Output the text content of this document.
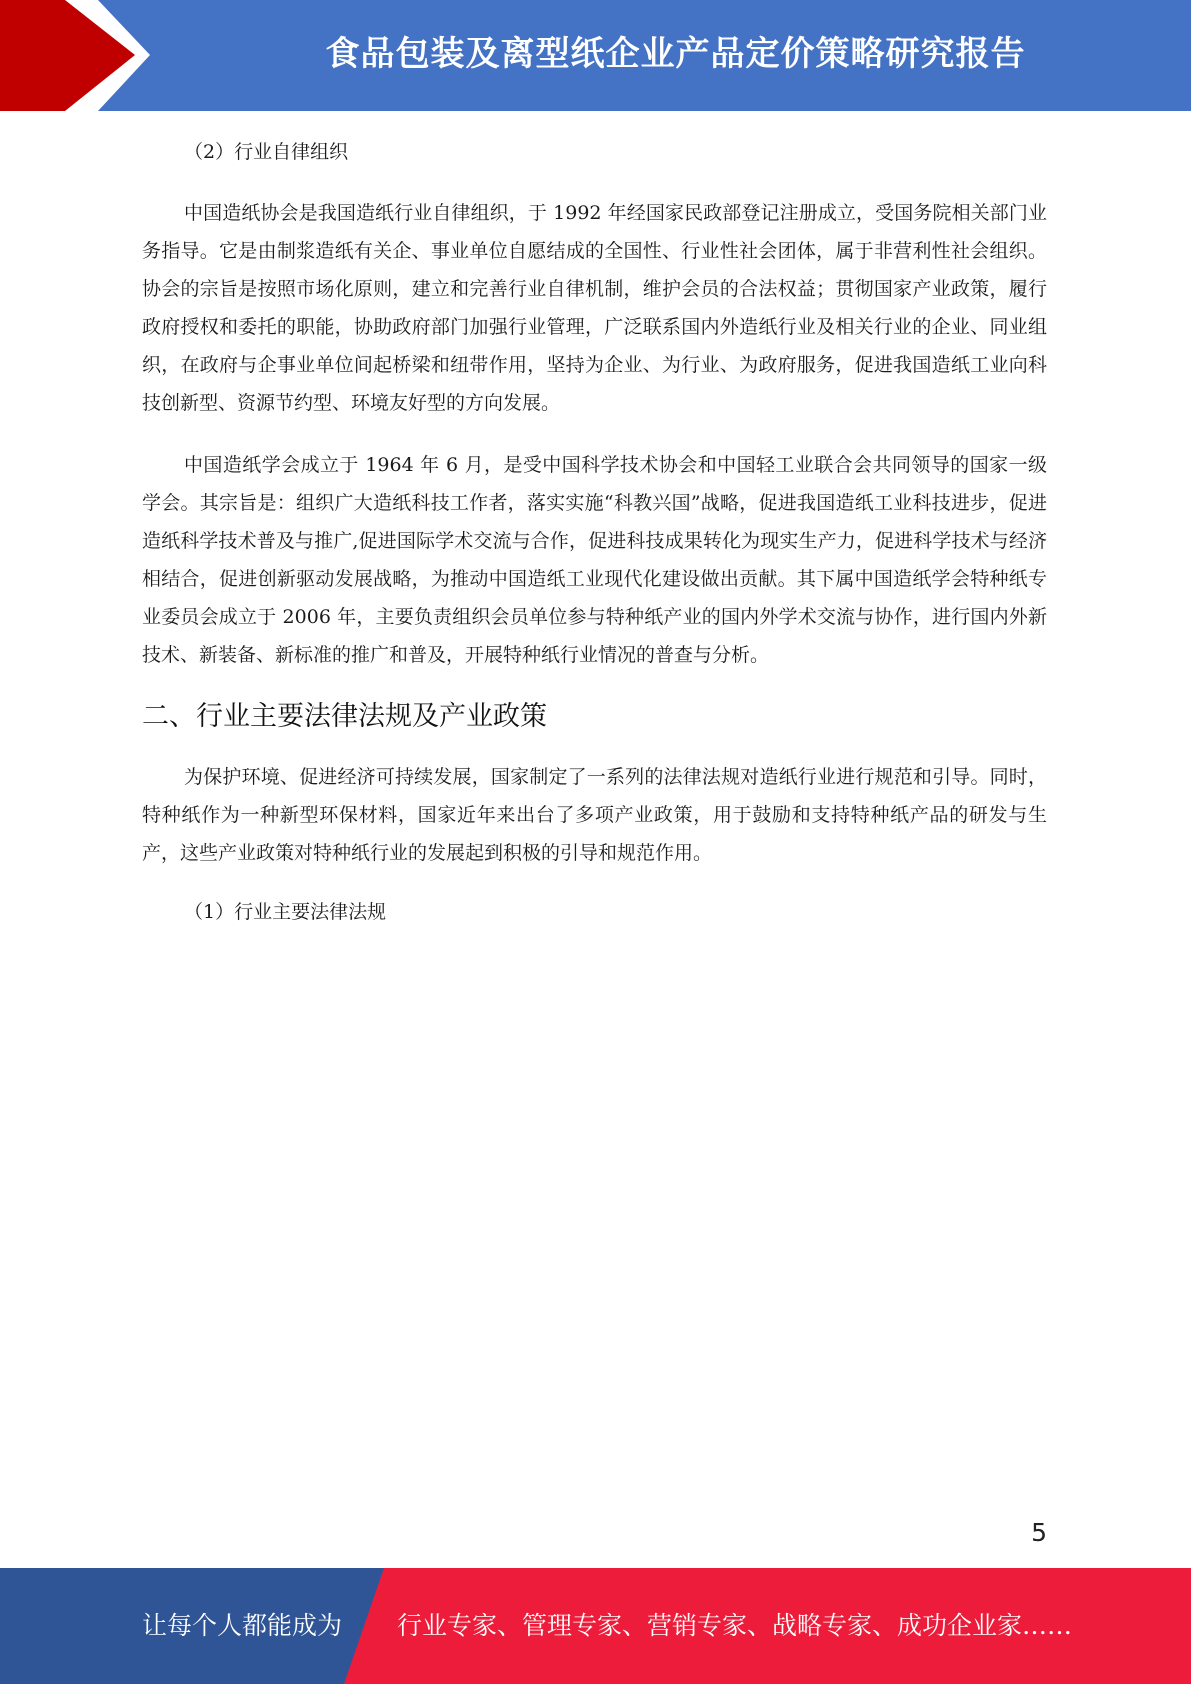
食品包装及离型纸企业产品定价策略研究报告

（2）行业自律组织

中国造纸协会是我国造纸行业自律组织，于 1992 年经国家民政部登记注册成立，受国务院相关部门业务指导。它是由制浆造纸有关企、事业单位自愿结成的全国性、行业性社会团体，属于非营利性社会组织。协会的宗旨是按照市场化原则，建立和完善行业自律机制，维护会员的合法权益；贯彻国家产业政策，履行政府授权和委托的职能，协助政府部门加强行业管理，广泛联系国内外造纸行业及相关行业的企业、同业组织，在政府与企事业单位间起桥梁和纽带作用，坚持为企业、为行业、为政府服务，促进我国造纸工业向科技创新型、资源节约型、环境友好型的方向发展。

中国造纸学会成立于 1964 年 6 月，是受中国科学技术协会和中国轻工业联合会共同领导的国家一级学会。其宗旨是：组织广大造纸科技工作者，落实实施“科教兴国”战略，促进我国造纸工业科技进步，促进造纸科学技术普及与推广,促进国际学术交流与合作，促进科技成果转化为现实生产力，促进科学技术与经济相结合，促进创新驱动发展战略，为推动中国造纸工业现代化建设做出贡献。其下属中国造纸学会特种纸专业委员会成立于 2006 年，主要负责组织会员单位参与特种纸产业的国内外学术交流与协作，进行国内外新技术、新装备、新标准的推广和普及，开展特种纸行业情况的普查与分析。

二、行业主要法律法规及产业政策

为保护环境、促进经济可持续发展，国家制定了一系列的法律法规对造纸行业进行规范和引导。同时，特种纸作为一种新型环保材料，国家近年来出台了多项产业政策，用于鼓励和支持特种纸产品的研发与生产，这些产业政策对特种纸行业的发展起到积极的引导和规范作用。

（1）行业主要法律法规

5
让每个人都能成为 行业专家、管理专家、营销专家、战略专家、成功企业家……
